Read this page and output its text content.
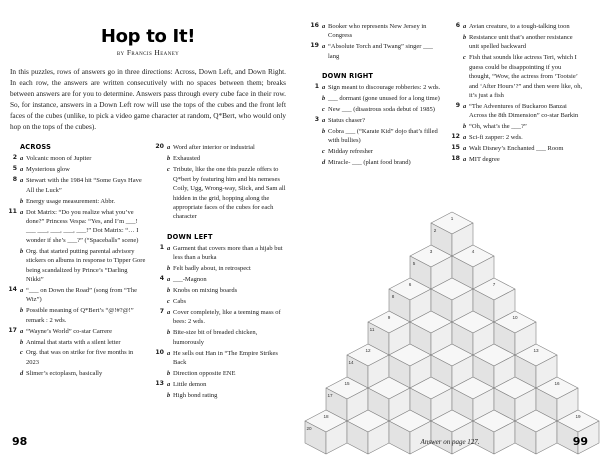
Hop to It!
by Francis Heaney

In this puzzles, rows of answers go in three directions: Across, Down Left, and Down Right. In each row, the answers are written consecutively with no spaces between them; breaks between answers are for you to determine. Answers pass through every cube face in their row. So, for instance, answers in a Down Left row will use the tops of the cubes and the front left faces of the cubes (unlike, to pick a video game character at random, Q*Bert, who would only hop on the tops of the cubes).

ACROSS
2 a Volcanic moon of Jupiter
5 a Mysterious glow
8 a Stewart with the 1984 hit “Some Guys Have All the Luck”
b Energy usage measurement: Abbr.
11 a Dot Matrix: “Do you realize what you’ve done?” Princess Vespa: “Yes, and I’m ___! ___ ___, ___, ___, ___!” Dot Matrix: “… I wonder if she’s ___?” (“Spaceballs” scene)
b Org. that started putting parental advisory stickers on albums in response to Tipper Gore being scandalized by Prince’s “Darling Nikki”
14 a “___ on Down the Road” (song from “The Wiz”)
b Possible meaning of Q*Bert’s “@!#?@!” remark : 2 wds.
17 a “Wayne’s World” co-star Carrere
b Animal that starts with a silent letter
c Org. that was on strike for five months in 2023
d Slimer’s ectoplasm, basically
20 a Word after interior or industrial
b Exhausted
c Tribute, like the one this puzzle offers to Q*bert by featuring him and his nemeses Coily, Ugg, Wrong-way, Slick, and Sam all hidden in the grid, hopping along the appropriate faces of the cubes for each character
DOWN LEFT
1 a Garment that covers more than a hijab but less than a burka
b Felt badly about, in retrospect
4 a ___-Magnon
b Knobs on mixing boards
c Cabs
7 a Cover completely, like a teeming mass of bees: 2 wds.
b Bite-size bit of breaded chicken, humorously
10 a He sells out Han in “The Empire Strikes Back
b Direction opposite ENE
13 a Little demon
b High bond rating
98
16 a Booker who represents New Jersey in Congress
19 a “Absolute Torch and Twang” singer ___ lang
DOWN RIGHT
1 a Sign meant to discourage robberies: 2 wds.
b ___ dormant (gone unused for a long time)
c New ___ (disastrous soda debut of 1985)
3 a Status chaser?
b Cobra ___ (“Karate Kid” dojo that’s filled with bullies)
c Midday refresher
d Miracle- ___ (plant food brand)
6 a Avian creature, to a tough-talking toon
b Resistance unit that’s another resistance unit spelled backward
c Fish that sounds like actress Teri, which I guess could be disappointing if you thought, “Wow, the actress from ‘Tootsie’ and ‘After Hours’?” and then were like, oh, it’s just a fish
9 a “The Adventures of Buckaroo Banzai Across the 8th Dimension” co-star Barkin
b “Oh, what’s the ___?”
12 a Sci-fi zapper: 2 wds.
15 a Walt Disney’s Enchanted ___ Room
18 a MIT degree
1
2
3	4
5
6	7
8
9	10
11
12	13
14
15	16
17
18	19
20
Answer on page 127.	99
